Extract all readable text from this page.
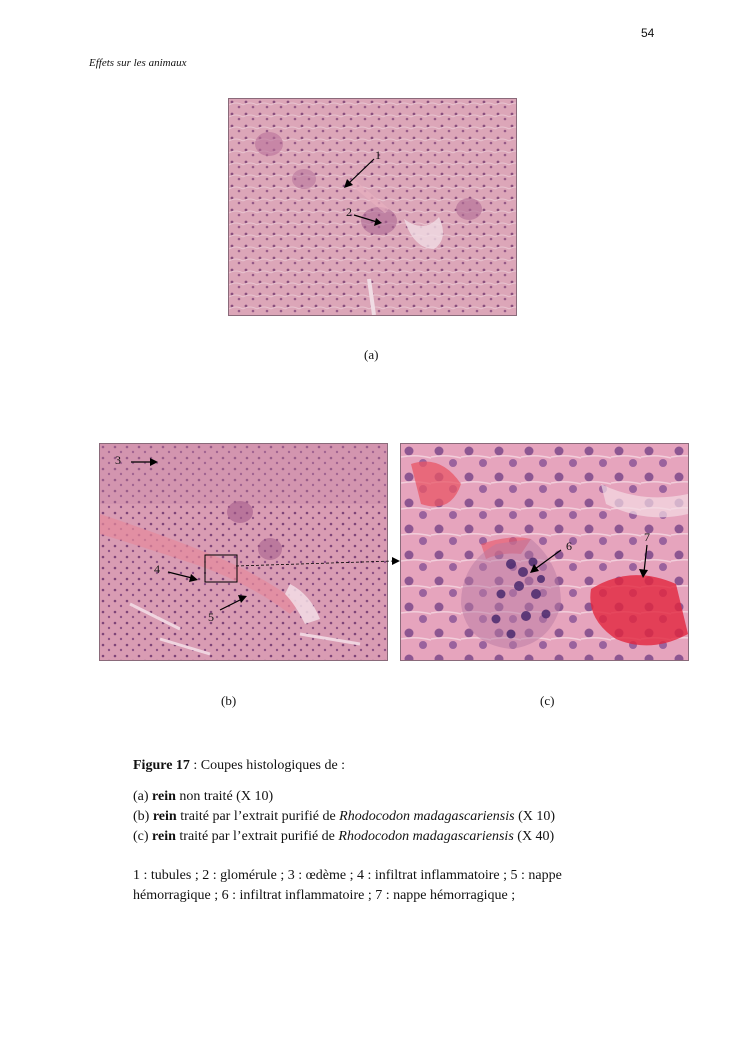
54
Effets sur les animaux
1
2
(a)
3
4
5
(b)
6
7
(c)
Figure 17 : Coupes histologiques de :
(a) rein non traité (X 10)
(b) rein traité par l’extrait purifié de Rhodocodon madagascariensis (X 10)
(c) rein traité par l’extrait purifié de Rhodocodon madagascariensis (X 40)
1 : tubules ; 2 : glomérule ; 3 : œdème ; 4 : infiltrat inflammatoire ; 5 : nappe
hémorragique ; 6 : infiltrat inflammatoire ; 7 : nappe hémorragique ;
